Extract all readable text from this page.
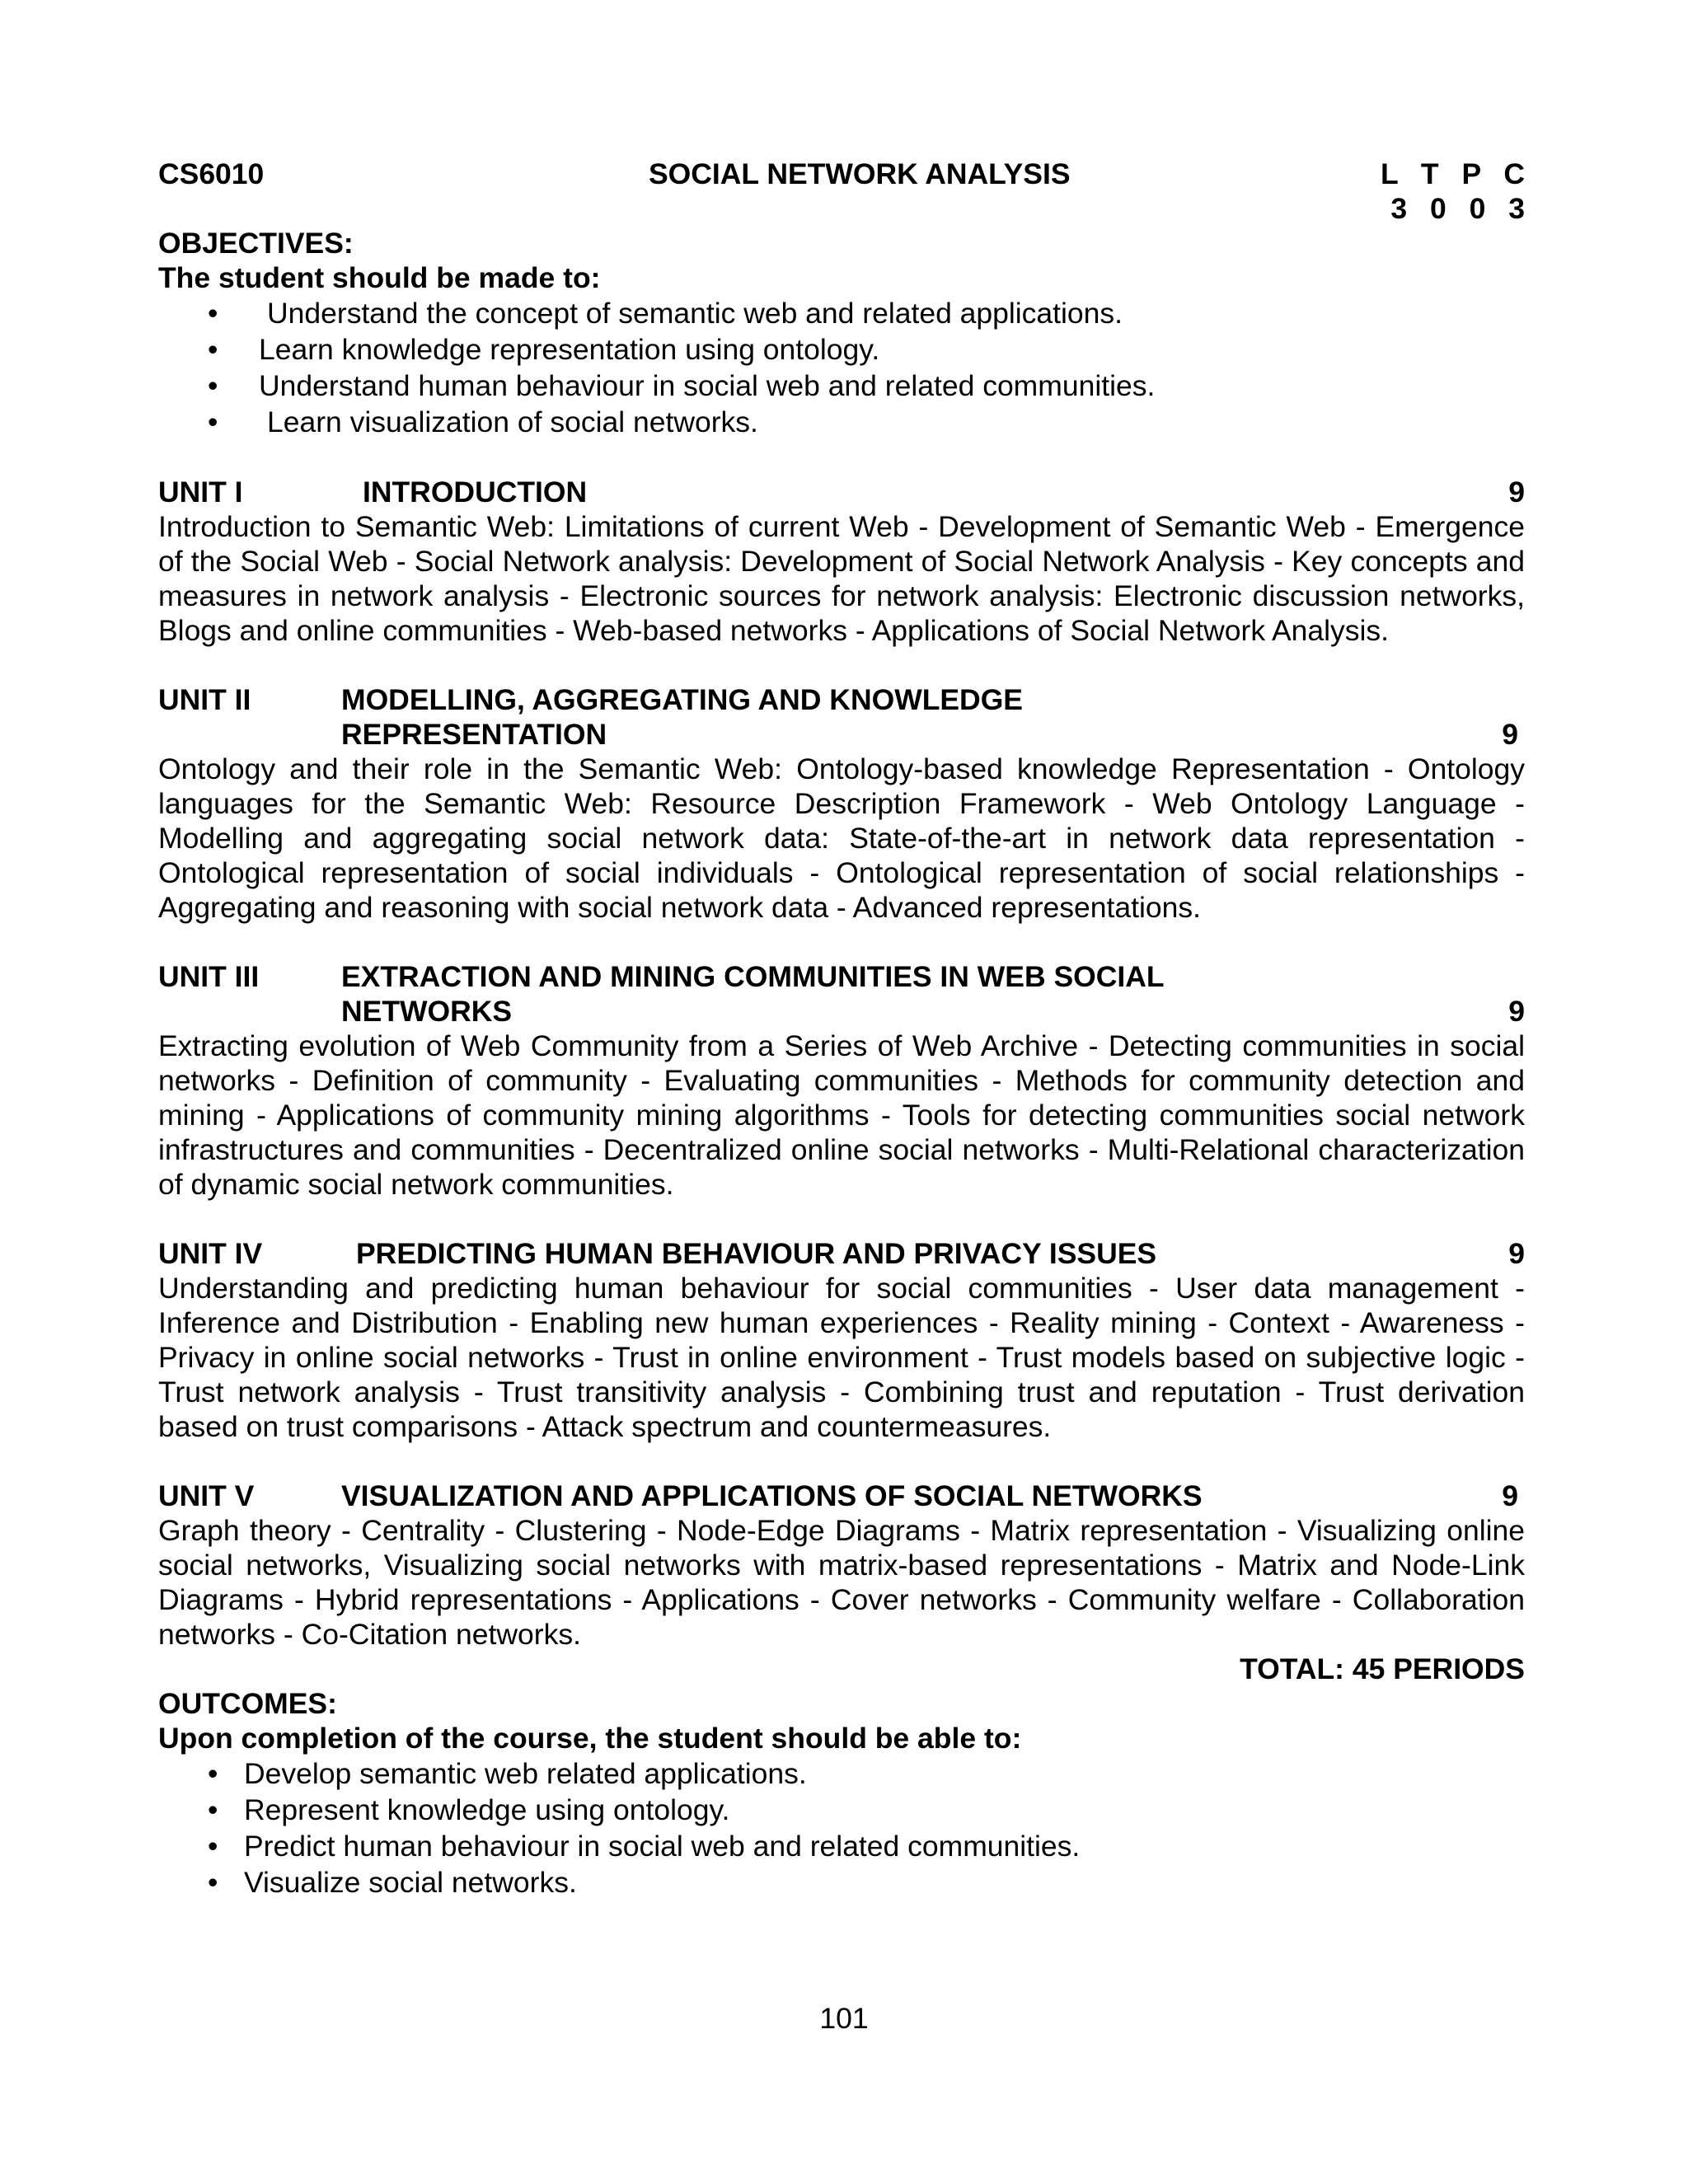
CS6010	SOCIAL NETWORK ANALYSIS	L T P C
3 0 0 3
OBJECTIVES:
The student should be made to:
• Understand the concept of semantic web and related applications.
• Learn knowledge representation using ontology.
• Understand human behaviour in social web and related communities.
• Learn visualization of social networks.
UNIT I	INTRODUCTION	9
Introduction to Semantic Web: Limitations of current Web - Development of Semantic Web - Emergence of the Social Web - Social Network analysis: Development of Social Network Analysis - Key concepts and measures in network analysis - Electronic sources for network analysis: Electronic discussion networks, Blogs and online communities - Web-based networks - Applications of Social Network Analysis.
UNIT II	MODELLING, AGGREGATING AND KNOWLEDGE
REPRESENTATION	9
Ontology and their role in the Semantic Web: Ontology-based knowledge Representation - Ontology languages for the Semantic Web: Resource Description Framework - Web Ontology Language - Modelling and aggregating social network data: State-of-the-art in network data representation - Ontological representation of social individuals - Ontological representation of social relationships - Aggregating and reasoning with social network data - Advanced representations.
UNIT III	EXTRACTION AND MINING COMMUNITIES IN WEB SOCIAL
NETWORKS	9
Extracting evolution of Web Community from a Series of Web Archive - Detecting communities in social networks - Definition of community - Evaluating communities - Methods for community detection and mining - Applications of community mining algorithms - Tools for detecting communities social network infrastructures and communities - Decentralized online social networks - Multi-Relational characterization of dynamic social network communities.
UNIT IV	PREDICTING HUMAN BEHAVIOUR AND PRIVACY ISSUES	9
Understanding and predicting human behaviour for social communities - User data management - Inference and Distribution - Enabling new human experiences - Reality mining - Context - Awareness - Privacy in online social networks - Trust in online environment - Trust models based on subjective logic - Trust network analysis - Trust transitivity analysis - Combining trust and reputation - Trust derivation based on trust comparisons - Attack spectrum and countermeasures.
UNIT V	VISUALIZATION AND APPLICATIONS OF SOCIAL NETWORKS	9
Graph theory - Centrality - Clustering - Node-Edge Diagrams - Matrix representation - Visualizing online social networks, Visualizing social networks with matrix-based representations - Matrix and Node-Link Diagrams - Hybrid representations - Applications - Cover networks - Community welfare - Collaboration networks - Co-Citation networks.
TOTAL: 45 PERIODS
OUTCOMES:
Upon completion of the course, the student should be able to:
• Develop semantic web related applications.
• Represent knowledge using ontology.
• Predict human behaviour in social web and related communities.
• Visualize social networks.
101
